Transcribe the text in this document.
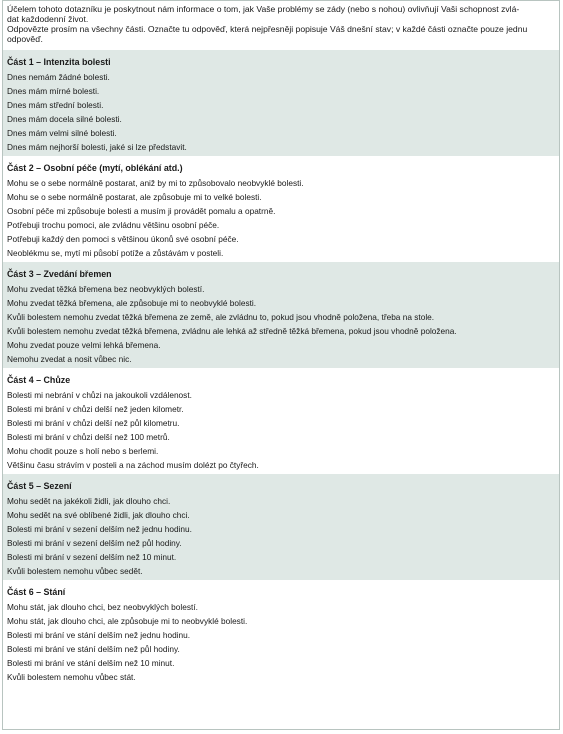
Účelem tohoto dotazníku je poskytnout nám informace o tom, jak Vaše problémy se zády (nebo s nohou) ovlivňují Vaši schopnost zvlá-
dat každodenní život.
Odpovězte prosím na všechny části. Označte tu odpověď, která nejpřesněji popisuje Váš dnešní stav; v každé části označte pouze jednu odpověď.
Část 1 – Intenzita bolesti
Dnes nemám žádné bolesti.
Dnes mám mírné bolesti.
Dnes mám střední bolesti.
Dnes mám docela silné bolesti.
Dnes mám velmi silné bolesti.
Dnes mám nejhorší bolesti, jaké si lze představit.
Část 2 – Osobní péče (mytí, oblékání atd.)
Mohu se o sebe normálně postarat, aniž by mi to způsobovalo neobvyklé bolesti.
Mohu se o sebe normálně postarat, ale způsobuje mi to velké bolesti.
Osobní péče mi způsobuje bolesti a musím ji provádět pomalu a opatrně.
Potřebuji trochu pomoci, ale zvládnu většinu osobní péče.
Potřebuji každý den pomoci s většinou úkonů své osobní péče.
Neoblékmu se, mytí mi působí potíže a zůstávám v posteli.
Část 3 – Zvedání břemen
Mohu zvedat těžká břemena bez neobvyklých bolestí.
Mohu zvedat těžká břemena, ale způsobuje mi to neobvyklé bolesti.
Kvůli bolestem nemohu zvedat těžká břemena ze země, ale zvládnu to, pokud jsou vhodně položena, třeba na stole.
Kvůli bolestem nemohu zvedat těžká břemena, zvládnu ale lehká až středně těžká břemena, pokud jsou vhodně položena.
Mohu zvedat pouze velmi lehká břemena.
Nemohu zvedat a nosit vůbec nic.
Část 4 – Chůze
Bolesti mi nebrání v chůzi na jakoukoli vzdálenost.
Bolesti mi brání v chůzi delší než jeden kilometr.
Bolesti mi brání v chůzi delší než půl kilometru.
Bolesti mi brání v chůzi delší než 100 metrů.
Mohu chodit pouze s holí nebo s berlemi.
Většinu času strávím v posteli a na záchod musím dolézt po čtyřech.
Část 5 – Sezení
Mohu sedět na jakékoli židli, jak dlouho chci.
Mohu sedět na své oblíbené židli, jak dlouho chci.
Bolesti mi brání v sezení delším než jednu hodinu.
Bolesti mi brání v sezení delším než půl hodiny.
Bolesti mi brání v sezení delším než 10 minut.
Kvůli bolestem nemohu vůbec sedět.
Část 6 – Stání
Mohu stát, jak dlouho chci, bez neobvyklých bolestí.
Mohu stát, jak dlouho chci, ale způsobuje mi to neobvyklé bolesti.
Bolesti mi brání ve stání delším než jednu hodinu.
Bolesti mi brání ve stání delším než půl hodiny.
Bolesti mi brání ve stání delším než 10 minut.
Kvůli bolestem nemohu vůbec stát.
